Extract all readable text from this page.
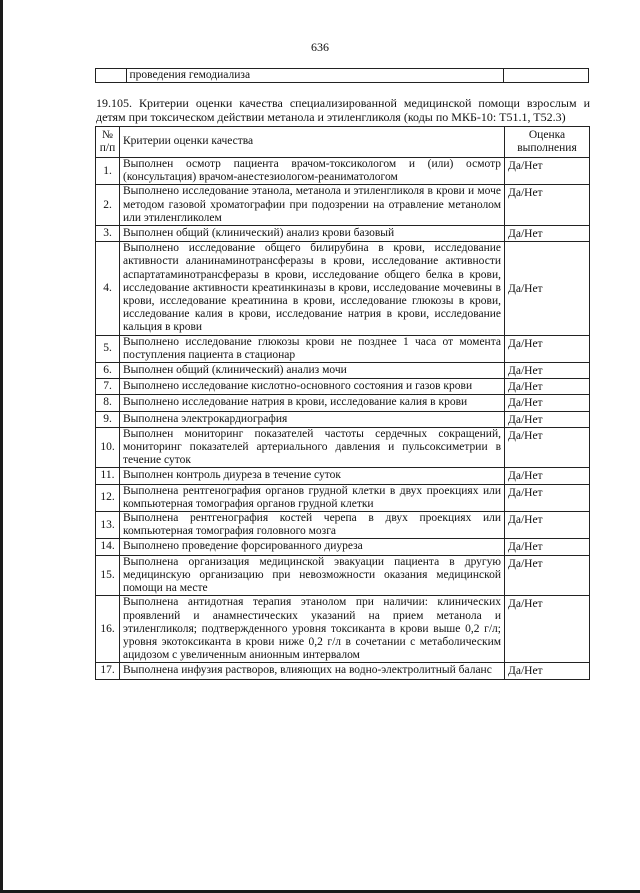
636
	проведения гемодиализа	
19.105. Критерии оценки качества специализированной медицинской помощи взрослым и детям при токсическом действии метанола и этиленгликоля (коды по МКБ-10: T51.1, T52.3)
№ п/п	Критерии оценки качества	Оценка выполнения
1.	Выполнен осмотр пациента врачом-токсикологом и (или) осмотр (консультация) врачом-анестезиологом-реаниматологом	Да/Нет
2.	Выполнено исследование этанола, метанола и этиленгликоля в крови и моче методом газовой хроматографии при подозрении на отравление метанолом или этиленгликолем	Да/Нет
3.	Выполнен общий (клинический) анализ крови базовый	Да/Нет
4.	Выполнено исследование общего билирубина в крови, исследование активности аланинаминотрансферазы в крови, исследование активности аспартатаминотрансферазы в крови, исследование общего белка в крови, исследование активности креатинкиназы в крови, исследование мочевины в крови, исследование креатинина в крови, исследование глюкозы в крови, исследование калия в крови, исследование натрия в крови, исследование кальция в крови	Да/Нет
5.	Выполнено исследование глюкозы крови не позднее 1 часа от момента поступления пациента в стационар	Да/Нет
6.	Выполнен общий (клинический) анализ мочи	Да/Нет
7.	Выполнено исследование кислотно-основного состояния и газов крови	Да/Нет
8.	Выполнено исследование натрия в крови, исследование калия в крови	Да/Нет
9.	Выполнена электрокардиография	Да/Нет
10.	Выполнен мониторинг показателей частоты сердечных сокращений, мониторинг показателей артериального давления и пульсоксиметрии в течение суток	Да/Нет
11.	Выполнен контроль диуреза в течение суток	Да/Нет
12.	Выполнена рентгенография органов грудной клетки в двух проекциях или компьютерная томография органов грудной клетки	Да/Нет
13.	Выполнена рентгенография костей черепа в двух проекциях или компьютерная томография головного мозга	Да/Нет
14.	Выполнено проведение форсированного диуреза	Да/Нет
15.	Выполнена организация медицинской эвакуации пациента в другую медицинскую организацию при невозможности оказания медицинской помощи на месте	Да/Нет
16.	Выполнена антидотная терапия этанолом при наличии: клинических проявлений и анамнестических указаний на прием метанола и этиленгликоля; подтвержденного уровня токсиканта в крови выше 0,2 г/л; уровня экотоксиканта в крови ниже 0,2 г/л в сочетании с метаболическим ацидозом с увеличенным анионным интервалом	Да/Нет
17.	Выполнена инфузия растворов, влияющих на водно-электролитный баланс	Да/Нет
